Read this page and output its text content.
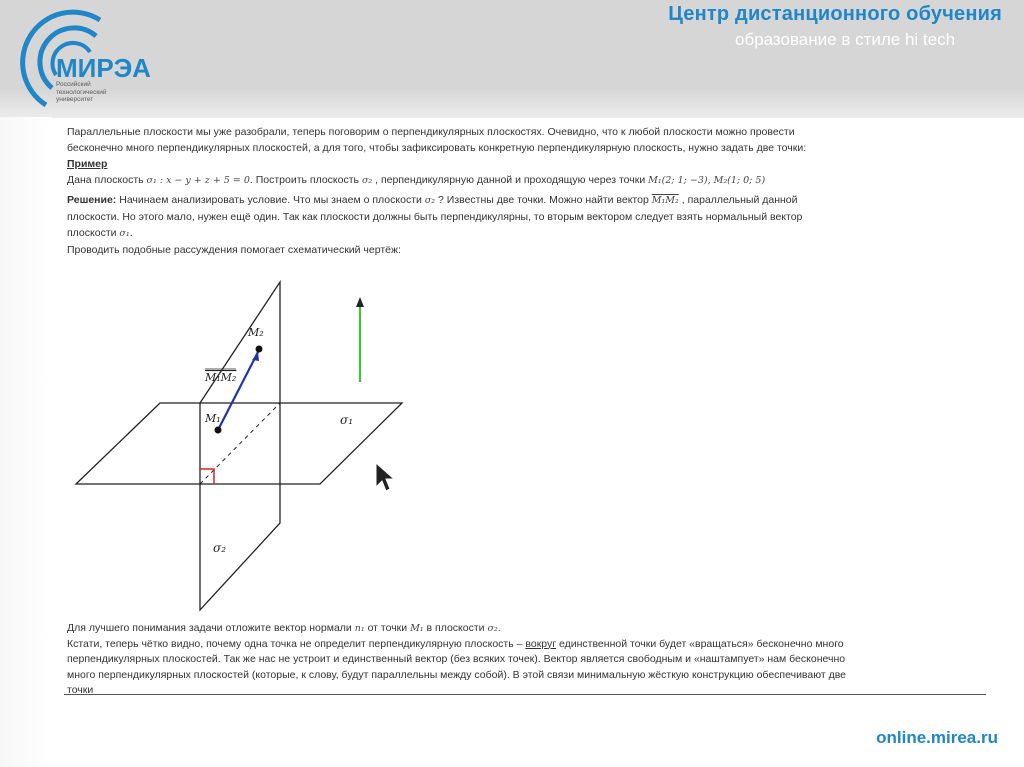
МИРЭА
Российский
технологический
университет
Центр дистанционного обучения
образование в стиле hi tech

Параллельные плоскости мы уже разобрали, теперь поговорим о перпендикулярных плоскостях. Очевидно, что к любой плоскости можно провести

бесконечно много перпендикулярных плоскостей, а для того, чтобы зафиксировать конкретную перпендикулярную плоскость, нужно задать две точки:

Пример

Дана плоскость σ₁ : x − y + z + 5 = 0. Построить плоскость σ₂ , перпендикулярную данной и проходящую через точки M₁(2; 1; −3), M₂(1; 0; 5)

Решение: Начинаем анализировать условие. Что мы знаем о плоскости σ₂ ? Известны две точки. Можно найти вектор M₁M₂ , параллельный данной

плоскости. Но этого мало, нужен ещё один. Так как плоскости должны быть перпендикулярны, то вторым вектором следует взять нормальный вектор

плоскости σ₁.

Проводить подобные рассуждения помогает схематический чертёж:

M₂
M₁
M₁M₂
σ₁
σ₂

Для лучшего понимания задачи отложите вектор нормали n₁ от точки M₁ в плоскости σ₂.

Кстати, теперь чётко видно, почему одна точка не определит перпендикулярную плоскость – вокруг единственной точки будет «вращаться» бесконечно много

перпендикулярных плоскостей. Так же нас не устроит и единственный вектор (без всяких точек). Вектор является свободным и «наштампует» нам бесконечно

много перпендикулярных плоскостей (которые, к слову, будут параллельны между собой). В этой связи минимальную жёсткую конструкцию обеспечивают две

точки

online.mirea.ru
